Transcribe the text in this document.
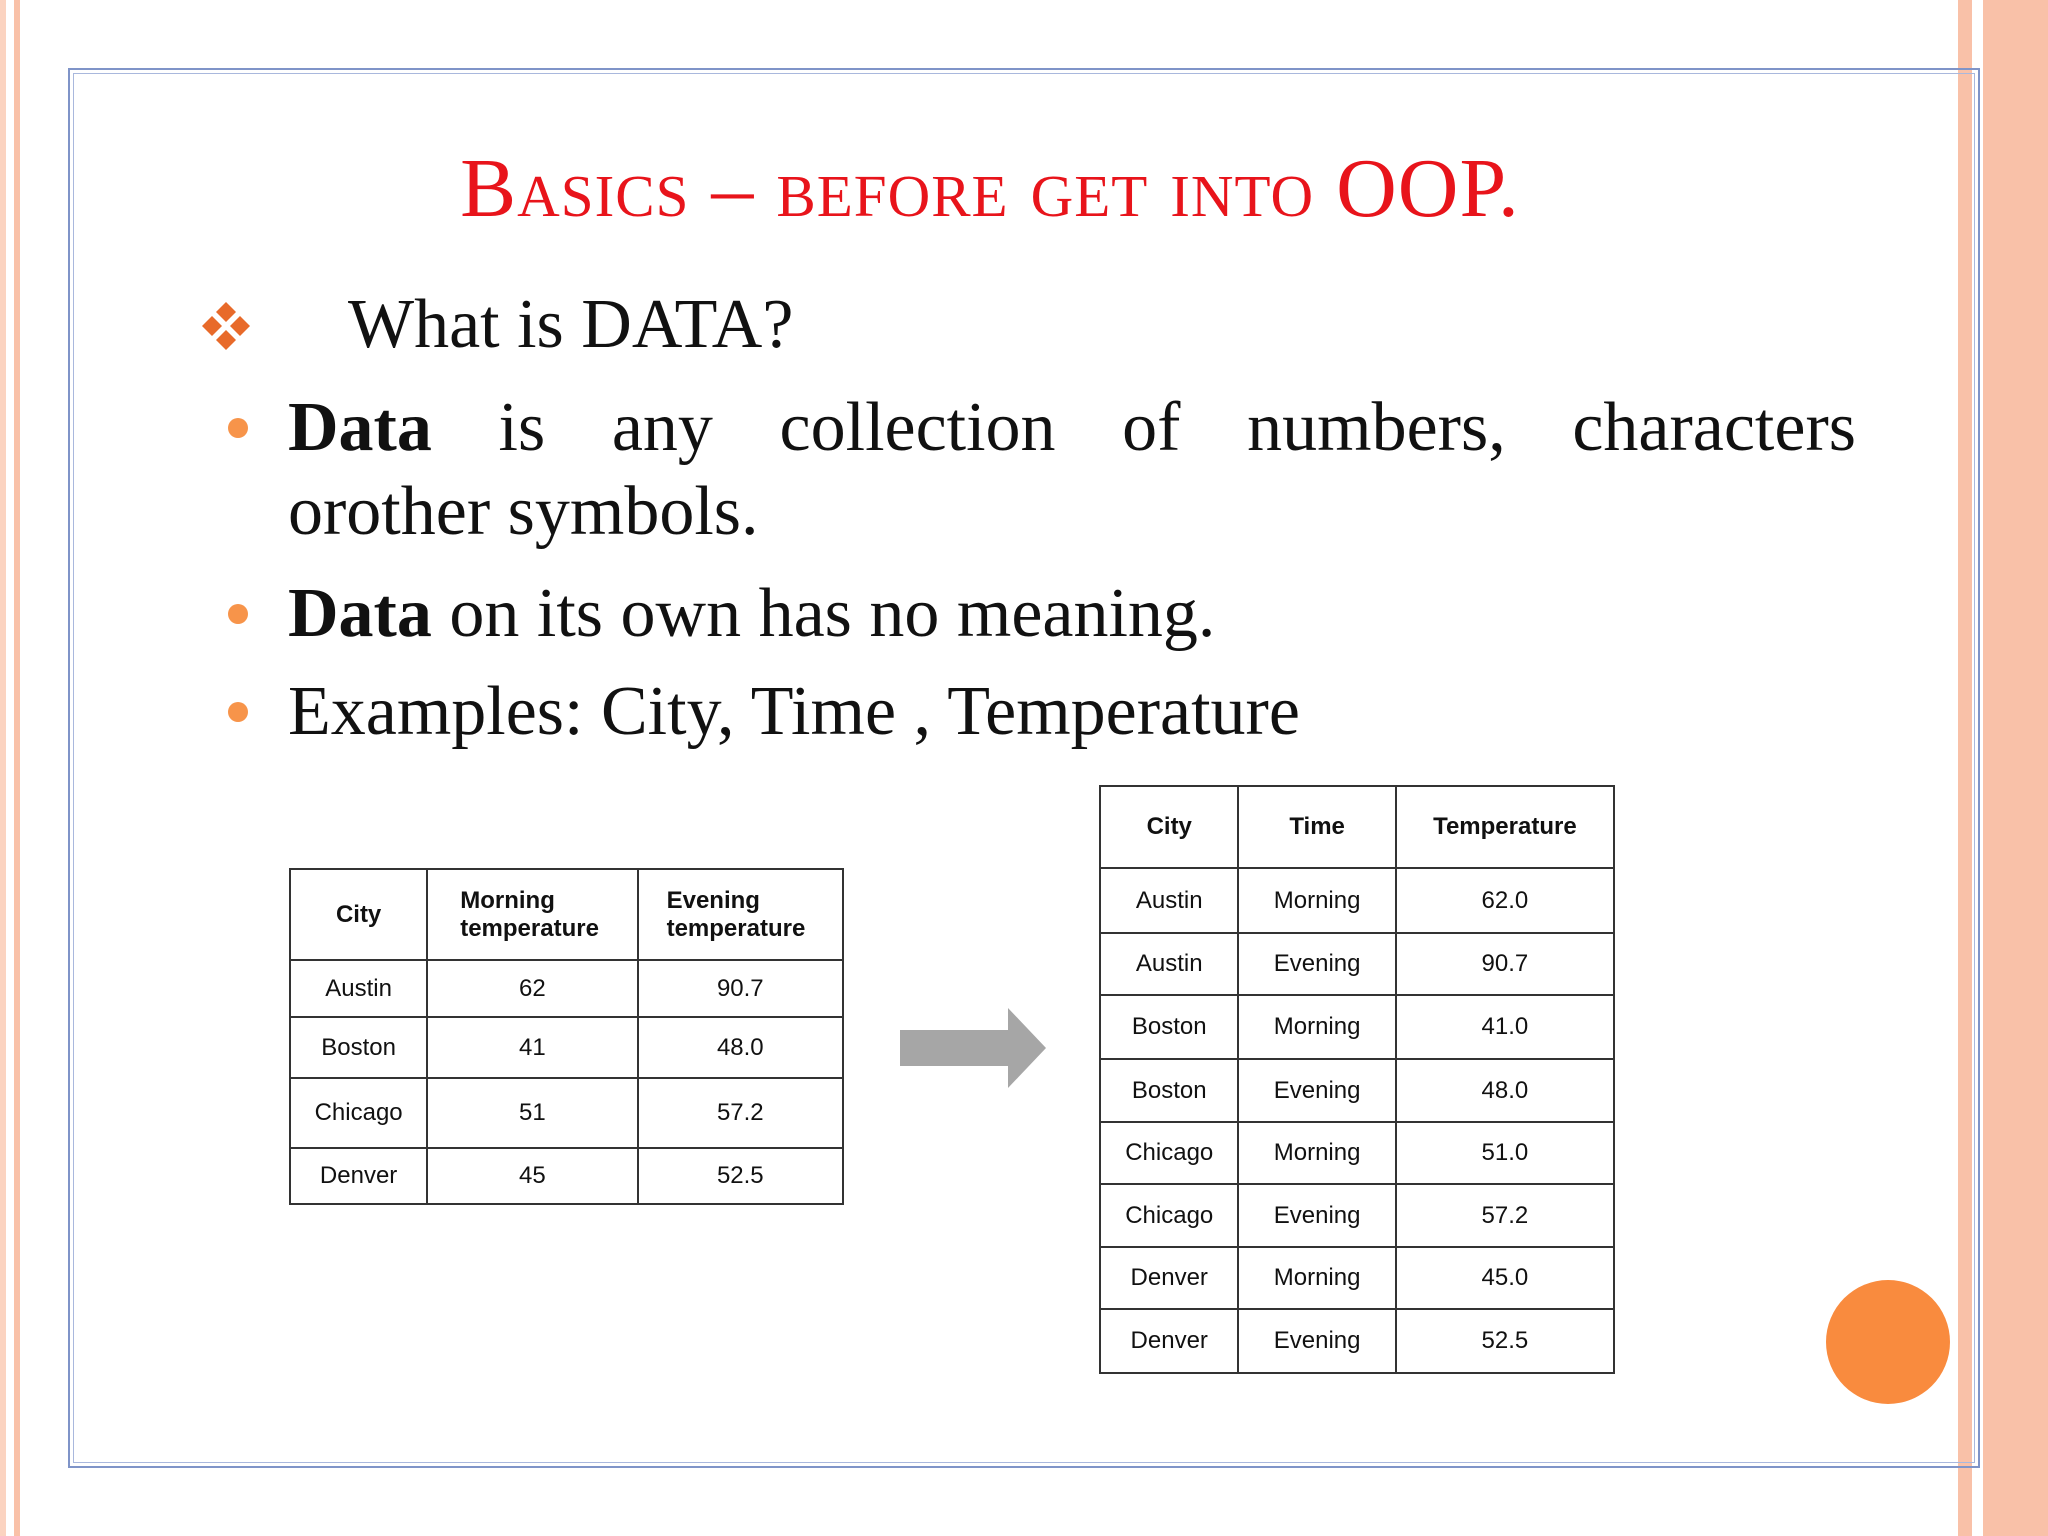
Basics – before get into OOP.
What is DATA?
Data is any collection of numbers, characters
orother symbols.
Data on its own has no meaning.
Examples: City, Time , Temperature
City	Morning temperature	Evening temperature
Austin	62	90.7
Boston	41	48.0
Chicago	51	57.2
Denver	45	52.5
City	Time	Temperature
Austin	Morning	62.0
Austin	Evening	90.7
Boston	Morning	41.0
Boston	Evening	48.0
Chicago	Morning	51.0
Chicago	Evening	57.2
Denver	Morning	45.0
Denver	Evening	52.5
